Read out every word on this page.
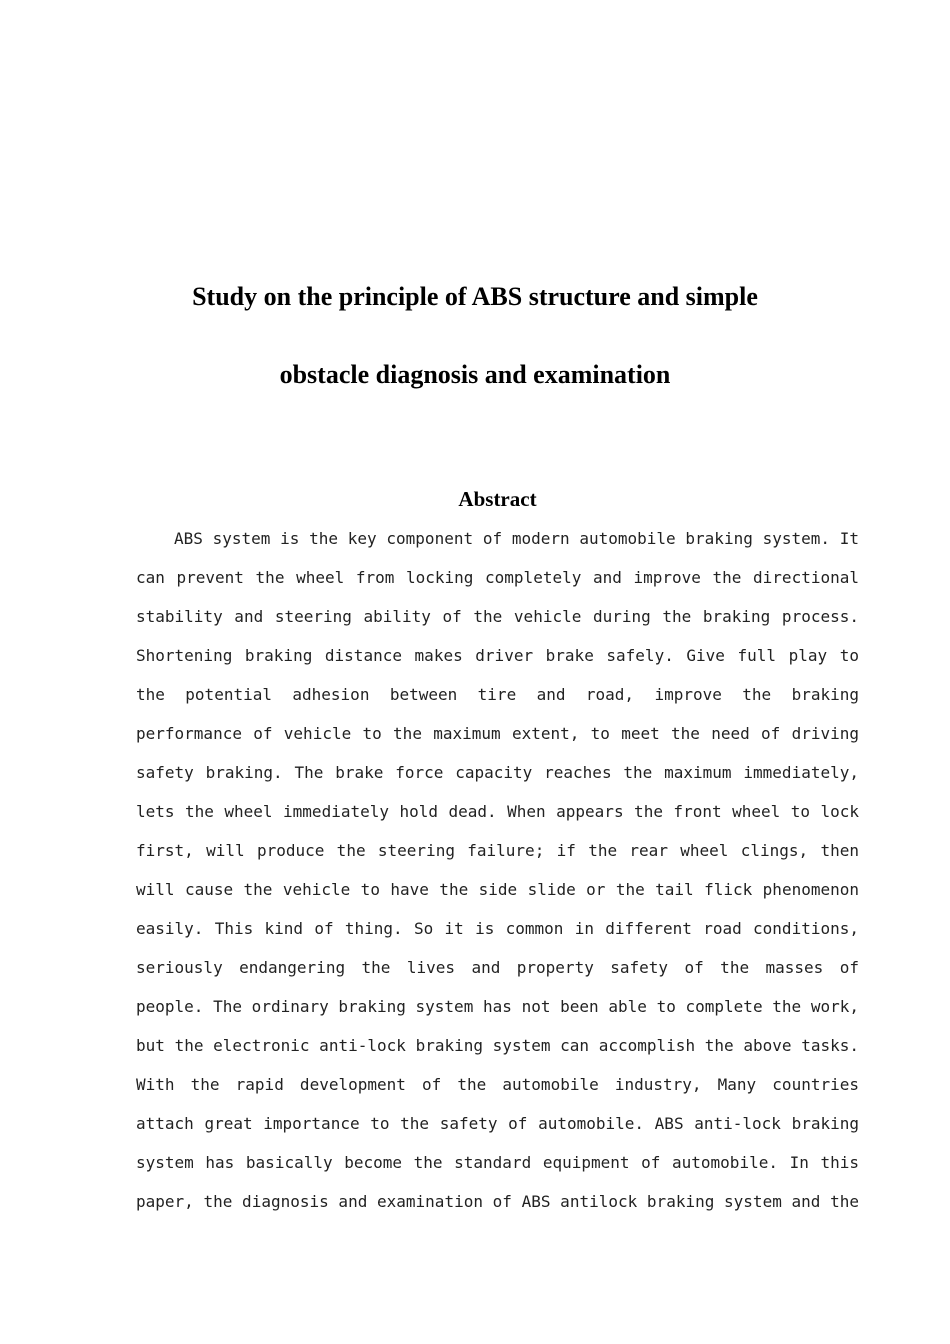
Study on the principle of ABS structure and simple
obstacle diagnosis and examination
Abstract
ABS system is the key component of modern automobile braking system. It
can prevent the wheel from locking completely and improve the directional
stability and steering ability of the vehicle during the braking process.
Shortening braking distance makes driver brake safely. Give full play to
the potential adhesion between tire and road, improve the braking
performance of vehicle to the maximum extent, to meet the need of driving
safety braking. The brake force capacity reaches the maximum immediately,
lets the wheel immediately hold dead. When appears the front wheel to lock
first, will produce the steering failure; if the rear wheel clings, then
will cause the vehicle to have the side slide or the tail flick phenomenon
easily. This kind of thing. So it is common in different road conditions,
seriously endangering the lives and property safety of the masses of
people. The ordinary braking system has not been able to complete the work,
but the electronic anti-lock braking system can accomplish the above tasks.
With the rapid development of the automobile industry, Many countries
attach great importance to the safety of automobile. ABS anti-lock braking
system has basically become the standard equipment of automobile. In this
paper, the diagnosis and examination of ABS antilock braking system and the
